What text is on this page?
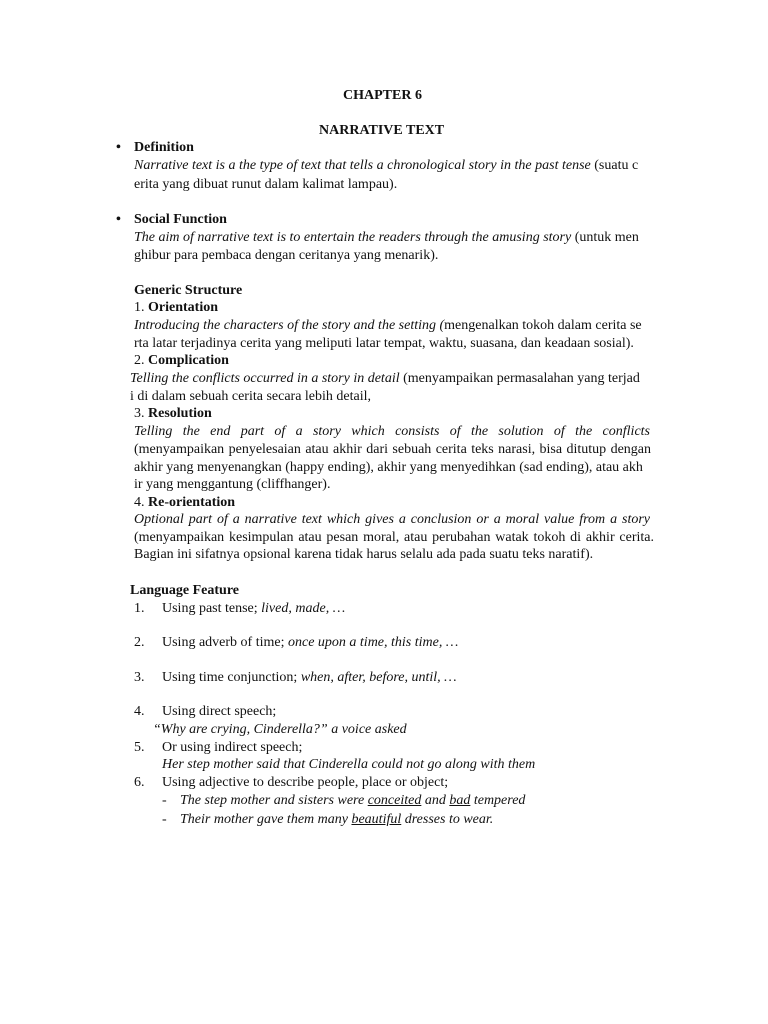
CHAPTER 6
NARRATIVE TEXT
• Definition
Narrative text is a the type of text that tells a chronological story in the past tense (suatu c
erita yang dibuat runut dalam kalimat lampau).
• Social Function
The aim of narrative text is to entertain the readers through the amusing story (untuk men
ghibur para pembaca dengan ceritanya yang menarik).
Generic Structure
1. Orientation
Introducing the characters of the story and the setting (mengenalkan tokoh dalam cerita se
rta latar terjadinya cerita yang meliputi latar tempat, waktu, suasana, dan keadaan sosial).
2. Complication
Telling the conflicts occurred in a story in detail (menyampaikan permasalahan yang terjad
i di dalam sebuah cerita secara lebih detail,
3. Resolution
Telling the end part of a story which consists of the solution of the conflicts
(menyampaikan penyelesaian atau akhir dari sebuah cerita teks narasi, bisa ditutup dengan
akhir yang menyenangkan (happy ending), akhir yang menyedihkan (sad ending), atau akh
ir yang menggantung (cliffhanger).
4. Re-orientation
Optional part of a narrative text which gives a conclusion or a moral value from a story
(menyampaikan kesimpulan atau pesan moral, atau perubahan watak tokoh di akhir cerita.
Bagian ini sifatnya opsional karena tidak harus selalu ada pada suatu teks naratif).
Language Feature
1. Using past tense; lived, made, …
2. Using adverb of time; once upon a time, this time, …
3. Using time conjunction; when, after, before, until, …
4. Using direct speech;
“Why are crying, Cinderella?” a voice asked
5. Or using indirect speech;
Her step mother said that Cinderella could not go along with them
6. Using adjective to describe people, place or object;
- The step mother and sisters were conceited and bad tempered
- Their mother gave them many beautiful dresses to wear.
